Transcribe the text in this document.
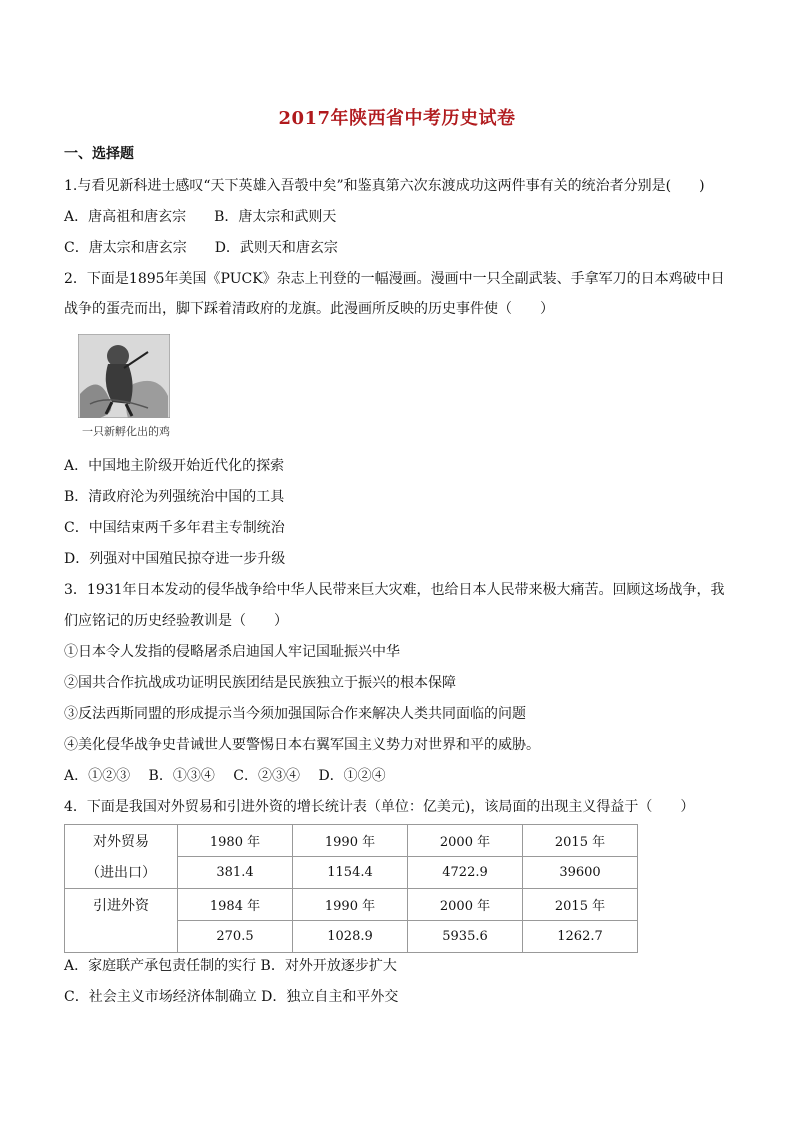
2017年陕西省中考历史试卷
一、选择题
1.与看见新科进士感叹“天下英雄入吾彀中矣”和鉴真第六次东渡成功这两件事有关的统治者分别是(　　)
A．唐高祖和唐玄宗　　B．唐太宗和武则天
C．唐太宗和唐玄宗　　D．武则天和唐玄宗
2．下面是1895年美国《PUCK》杂志上刊登的一幅漫画。漫画中一只全副武装、手拿军刀的日本鸡破中日
战争的蛋壳而出，脚下踩着清政府的龙旗。此漫画所反映的历史事件使（　　）
一只新孵化出的鸡
A．中国地主阶级开始近代化的探索
B．清政府沦为列强统治中国的工具
C．中国结束两千多年君主专制统治
D．列强对中国殖民掠夺进一步升级
3．1931年日本发动的侵华战争给中华人民带来巨大灾难，也给日本人民带来极大痛苦。回顾这场战争，我
们应铭记的历史经验教训是（　　）
①日本令人发指的侵略屠杀启迪国人牢记国耻振兴中华
②国共合作抗战成功证明民族团结是民族独立于振兴的根本保障
③反法西斯同盟的形成提示当今须加强国际合作来解决人类共同面临的问题
④美化侵华战争史昔诫世人要警惕日本右翼军国主义势力对世界和平的威胁。
A．①②③　 B．①③④　 C．②③④　 D．①②④
4．下面是我国对外贸易和引进外资的增长统计表（单位：亿美元)，该局面的出现主义得益于（　　）
对外贸易	1980 年	1990 年	2000 年	2015 年
（进出口）	381.4	1154.4	4722.9	39600
引进外资	1984 年	1990 年	2000 年	2015 年
	270.5	1028.9	5935.6	1262.7
A．家庭联产承包责任制的实行 B．对外开放逐步扩大
C．社会主义市场经济体制确立 D．独立自主和平外交
